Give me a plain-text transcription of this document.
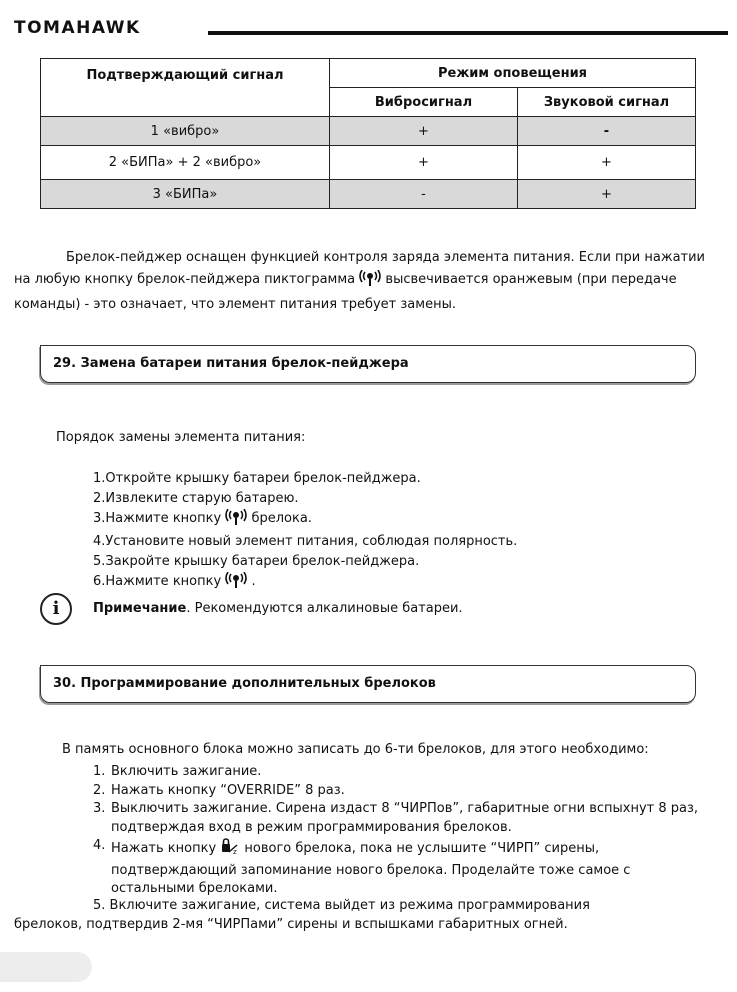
TOMAHAWK
Подтверждающий сигнал	Режим оповещения	
	Вибросигнал	Звуковой сигнал
1 «вибро»	+	-
2 «БИПа» + 2 «вибро»	+	+
3 «БИПа»	-	+
Брелок-пейджер оснащен функцией контроля заряда элемента питания. Если при нажатии на любую кнопку брелок-пейджера пиктограмма  высвечивается оранжевым (при передаче команды) - это означает, что элемент питания требует замены.
29. Замена батареи питания брелок-пейджера
Порядок замены элемента питания:
1.Откройте крышку батареи брелок-пейджера.
2.Извлеките старую батарею.
3.Нажмите кнопку  брелока.
4.Установите новый элемент питания, соблюдая полярность.
5.Закройте крышку батареи брелок-пейджера.
6.Нажмите кнопку  .
i	Примечание. Рекомендуются алкалиновые батареи.
30. Программирование дополнительных брелоков
В память основного блока можно записать до 6-ти брелоков, для этого необходимо:
1. Включить зажигание.
2. Нажать кнопку “OVERRIDE” 8 раз.
3. Выключить зажигание. Сирена издаст 8 “ЧИРПов”, габаритные огни вспыхнут 8 раз, подтверждая вход в режим программирования брелоков.
4. Нажать кнопку z нового брелока, пока не услышите “ЧИРП” сирены, подтверждающий запоминание нового брелока. Проделайте тоже самое с остальными брелоками.
5. Включите зажигание, система выйдет из режима программирования
брелоков, подтвердив 2-мя “ЧИРПами” сирены и вспышками габаритных огней.
